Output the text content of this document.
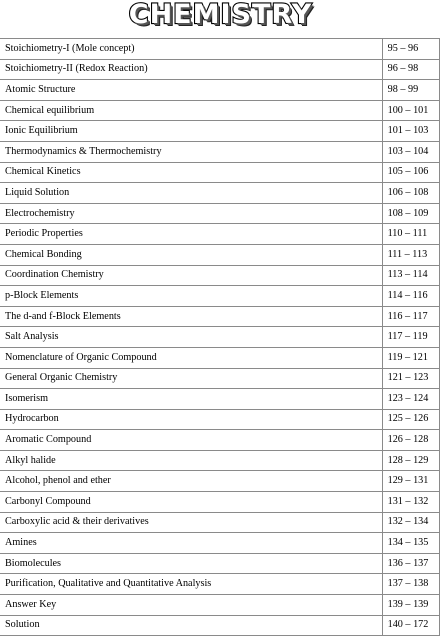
CHEMISTRY
Stoichiometry-I (Mole concept)	95 – 96
Stoichiometry-II (Redox Reaction)	96 – 98
Atomic Structure	98 – 99
Chemical equilibrium	100 – 101
Ionic Equilibrium	101 – 103
Thermodynamics & Thermochemistry	103 – 104
Chemical Kinetics	105 – 106
Liquid Solution	106 – 108
Electrochemistry	108 – 109
Periodic Properties	110 – 111
Chemical Bonding	111 – 113
Coordination Chemistry	113 – 114
p-Block Elements	114 – 116
The d-and f-Block Elements	116 – 117
Salt Analysis	117 – 119
Nomenclature of Organic Compound	119 – 121
General Organic Chemistry	121 – 123
Isomerism	123 – 124
Hydrocarbon	125 – 126
Aromatic Compound	126 – 128
Alkyl halide	128 – 129
Alcohol, phenol and ether	129 – 131
Carbonyl Compound	131 – 132
Carboxylic acid & their derivatives	132 – 134
Amines	134 – 135
Biomolecules	136 – 137
Purification, Qualitative and Quantitative Analysis	137 – 138
Answer Key	139 – 139
Solution	140 – 172
